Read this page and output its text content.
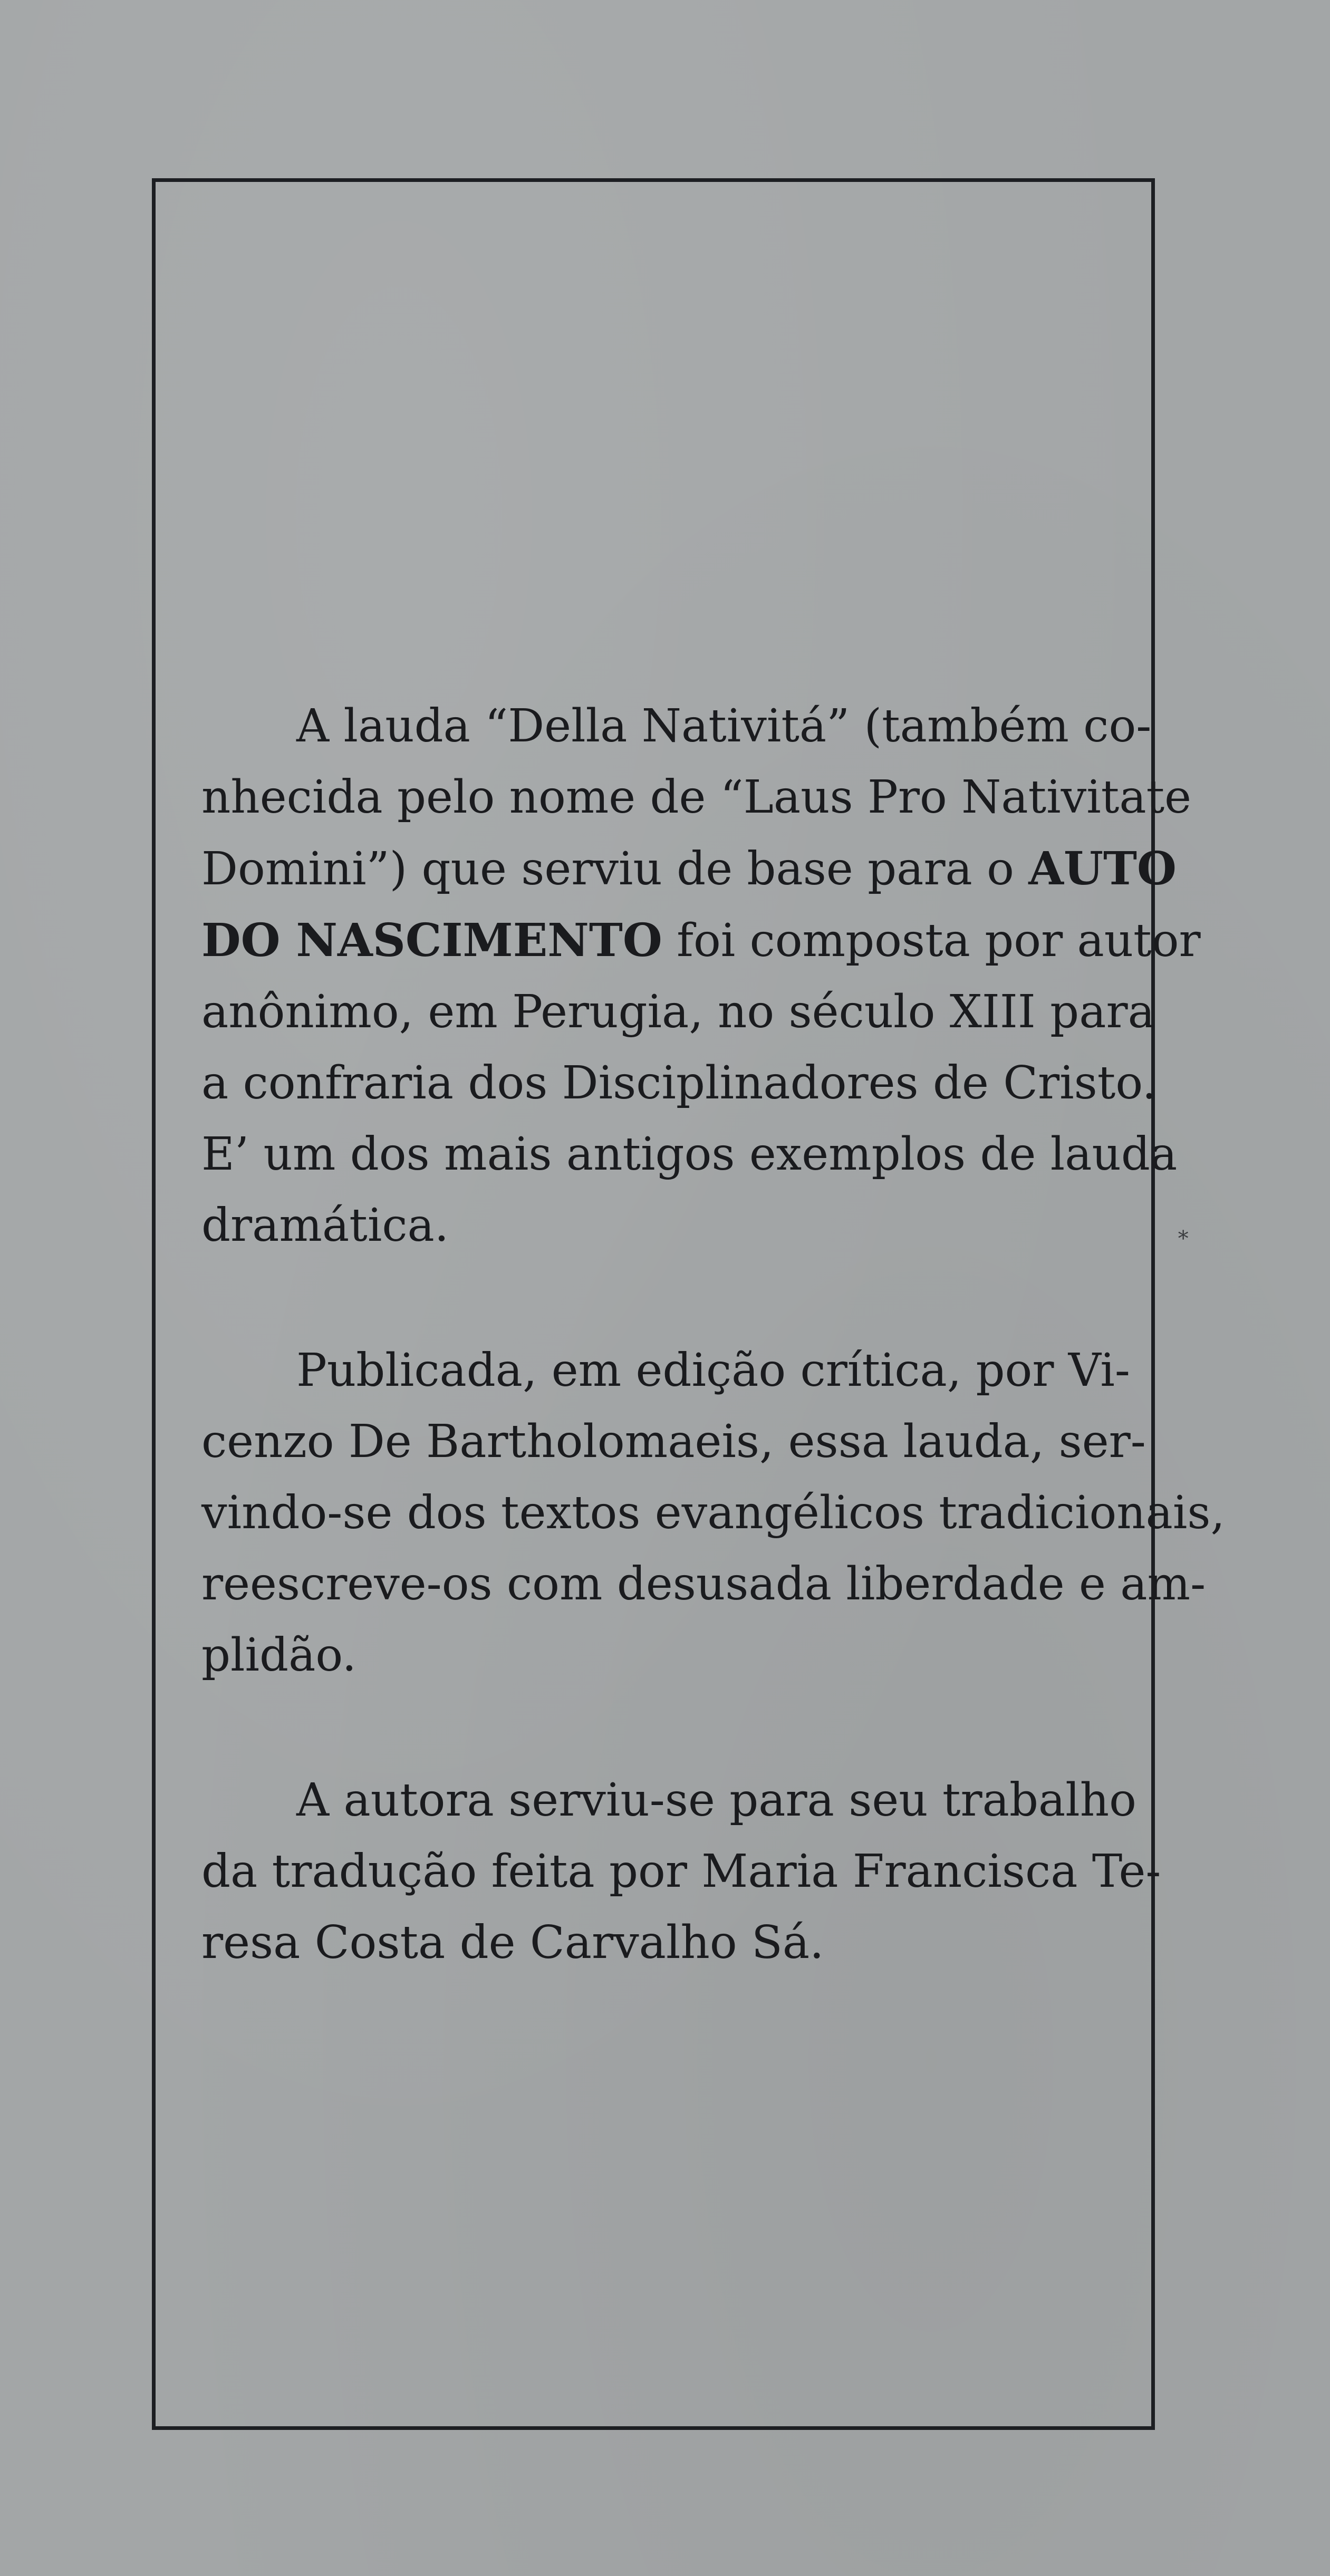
A lauda “Della Nativitá” (também co-
nhecida pelo nome de “Laus Pro Nativitate
Domini”) que serviu de base para o AUTO
DO NASCIMENTO foi composta por autor
anônimo, em Perugia, no século XIII para
a confraria dos Disciplinadores de Cristo.
E’ um dos mais antigos exemplos de lauda
dramática.

Publicada, em edição crítica, por Vi-
cenzo De Bartholomaeis, essa lauda, ser-
vindo-se dos textos evangélicos tradicionais,
reescreve-os com desusada liberdade e am-
plidão.

A autora serviu-se para seu trabalho
da tradução feita por Maria Francisca Te-
resa Costa de Carvalho Sá.

∗
